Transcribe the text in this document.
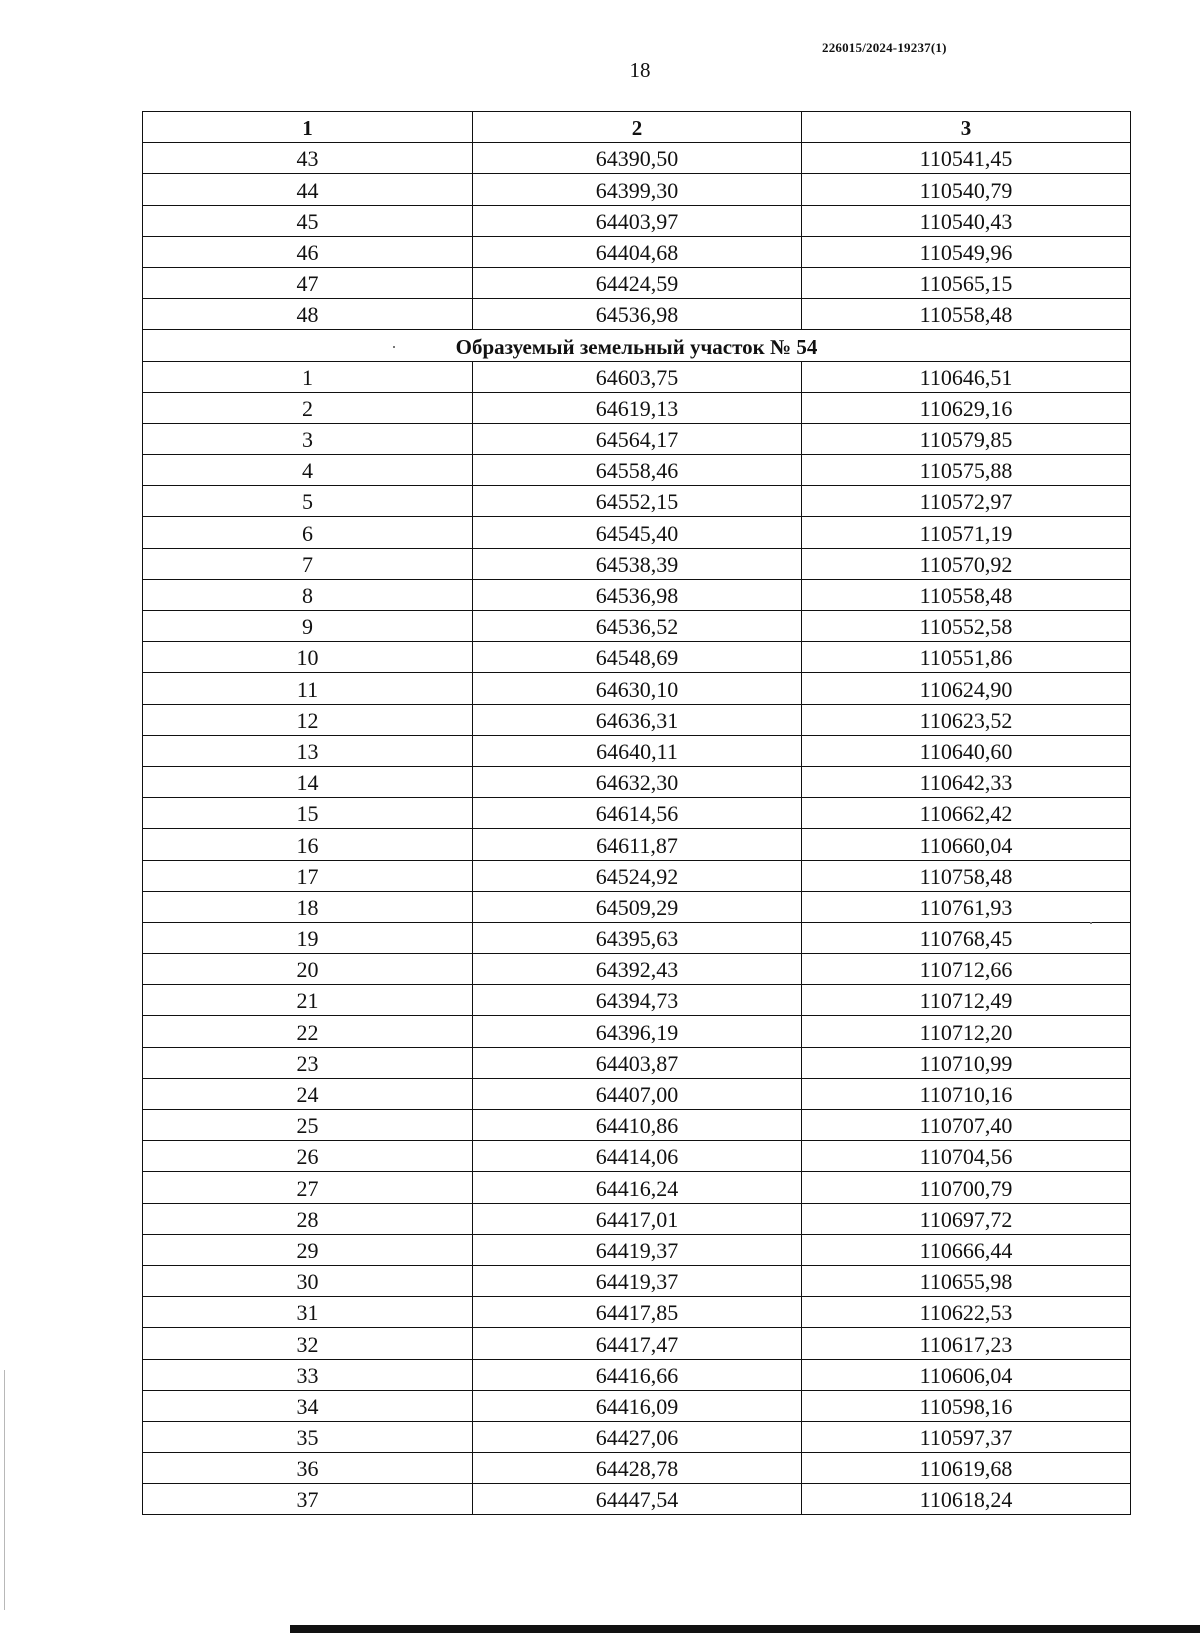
226015/2024-19237(1)
18
1	2	3
43	64390,50	110541,45
44	64399,30	110540,79
45	64403,97	110540,43
46	64404,68	110549,96
47	64424,59	110565,15
48	64536,98	110558,48
Образуемый земельный участок № 54		
1	64603,75	110646,51
2	64619,13	110629,16
3	64564,17	110579,85
4	64558,46	110575,88
5	64552,15	110572,97
6	64545,40	110571,19
7	64538,39	110570,92
8	64536,98	110558,48
9	64536,52	110552,58
10	64548,69	110551,86
11	64630,10	110624,90
12	64636,31	110623,52
13	64640,11	110640,60
14	64632,30	110642,33
15	64614,56	110662,42
16	64611,87	110660,04
17	64524,92	110758,48
18	64509,29	110761,93
19	64395,63	110768,45
20	64392,43	110712,66
21	64394,73	110712,49
22	64396,19	110712,20
23	64403,87	110710,99
24	64407,00	110710,16
25	64410,86	110707,40
26	64414,06	110704,56
27	64416,24	110700,79
28	64417,01	110697,72
29	64419,37	110666,44
30	64419,37	110655,98
31	64417,85	110622,53
32	64417,47	110617,23
33	64416,66	110606,04
34	64416,09	110598,16
35	64427,06	110597,37
36	64428,78	110619,68
37	64447,54	110618,24
